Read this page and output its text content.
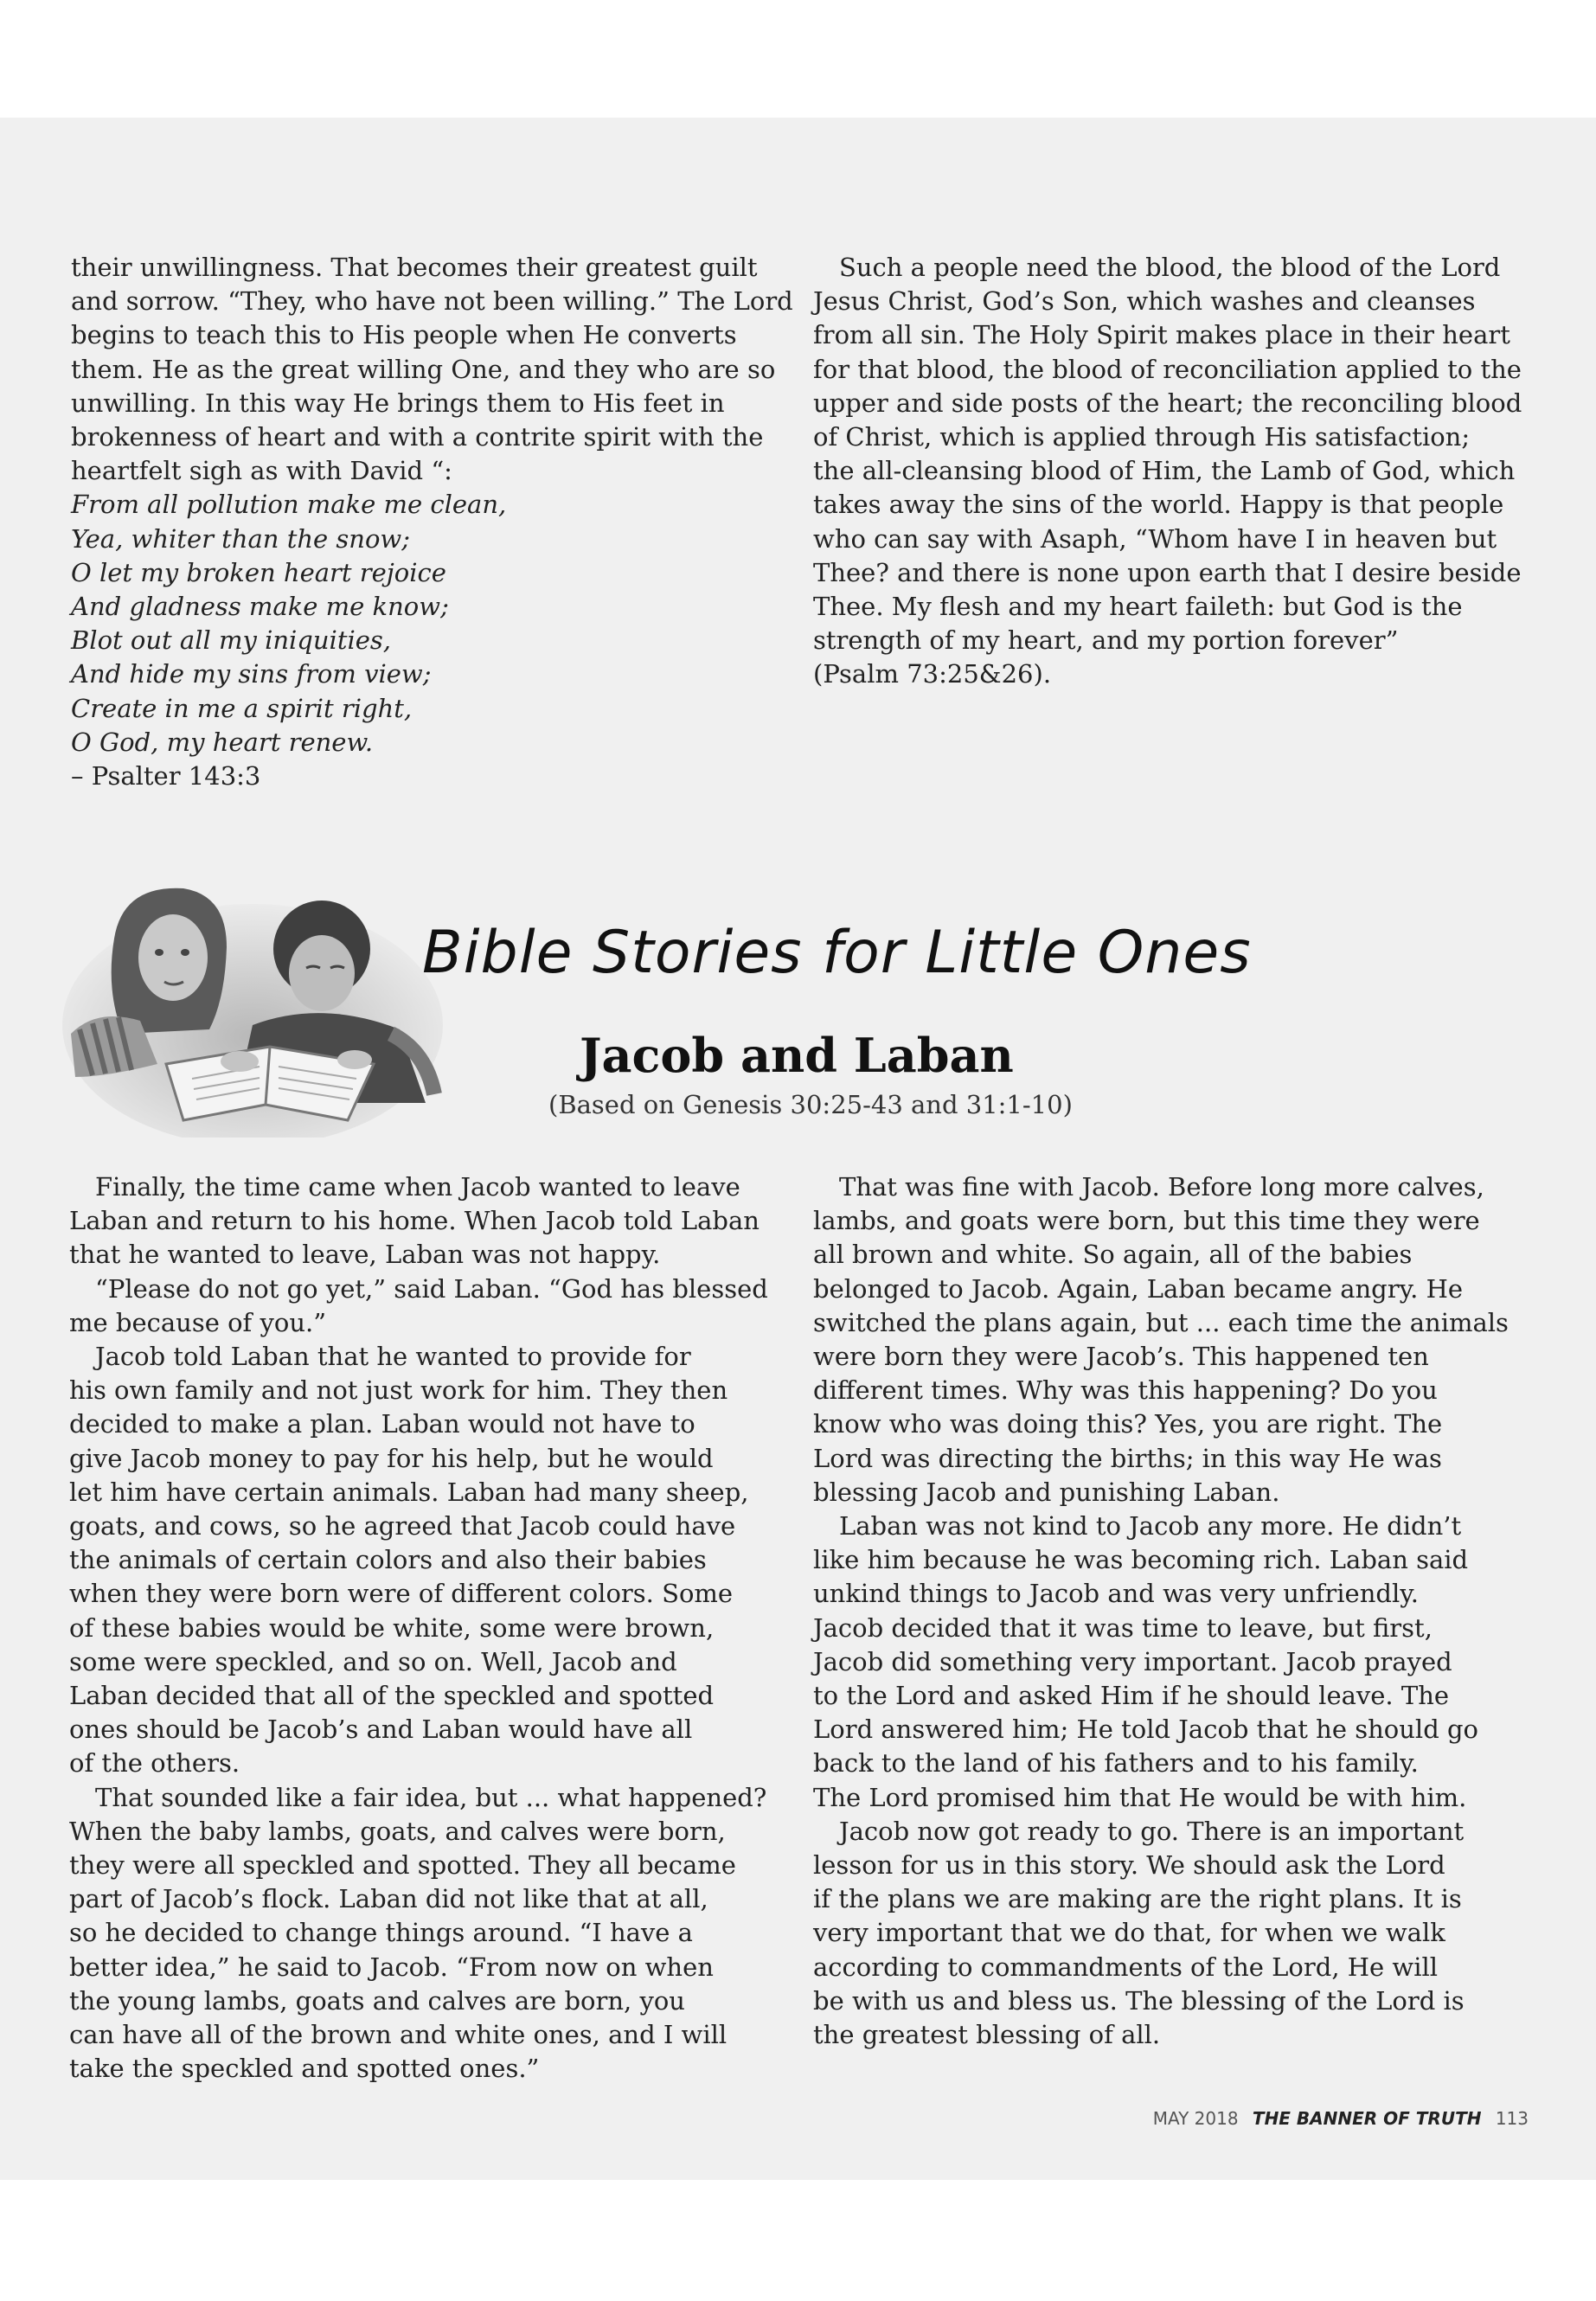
their unwillingness. That becomes their greatest guilt

and sorrow. “They, who have not been willing.” The Lord

begins to teach this to His people when He converts

them. He as the great willing One, and they who are so

unwilling. In this way He brings them to His feet in

brokenness of heart and with a contrite spirit with the

heartfelt sigh as with David “:

From all pollution make me clean,

Yea, whiter than the snow;

O let my broken heart rejoice

And gladness make me know;

Blot out all my iniquities,

And hide my sins from view;

Create in me a spirit right,

O God, my heart renew.

– Psalter 143:3

Such a people need the blood, the blood of the Lord

Jesus Christ, God’s Son, which washes and cleanses

from all sin. The Holy Spirit makes place in their heart

for that blood, the blood of reconciliation applied to the

upper and side posts of the heart; the reconciling blood

of Christ, which is applied through His satisfaction;

the all-cleansing blood of Him, the Lamb of God, which

takes away the sins of the world. Happy is that people

who can say with Asaph, “Whom have I in heaven but

Thee? and there is none upon earth that I desire beside

Thee. My flesh and my heart faileth: but God is the

strength of my heart, and my portion forever”

(Psalm 73:25&26).

Bible Stories for Little Ones
Jacob and Laban
(Based on Genesis 30:25-43 and 31:1-10)

Finally, the time came when Jacob wanted to leave

Laban and return to his home. When Jacob told Laban

that he wanted to leave, Laban was not happy.

“Please do not go yet,” said Laban. “God has blessed

me because of you.”

Jacob told Laban that he wanted to provide for

his own family and not just work for him. They then

decided to make a plan. Laban would not have to

give Jacob money to pay for his help, but he would

let him have certain animals. Laban had many sheep,

goats, and cows, so he agreed that Jacob could have

the animals of certain colors and also their babies

when they were born were of different colors. Some

of these babies would be white, some were brown,

some were speckled, and so on. Well, Jacob and

Laban decided that all of the speckled and spotted

ones should be Jacob’s and Laban would have all

of the others.

That sounded like a fair idea, but ... what happened?

When the baby lambs, goats, and calves were born,

they were all speckled and spotted. They all became

part of Jacob’s flock. Laban did not like that at all,

so he decided to change things around. “I have a

better idea,” he said to Jacob. “From now on when

the young lambs, goats and calves are born, you

can have all of the brown and white ones, and I will

take the speckled and spotted ones.”

That was fine with Jacob. Before long more calves,

lambs, and goats were born, but this time they were

all brown and white. So again, all of the babies

belonged to Jacob. Again, Laban became angry. He

switched the plans again, but ... each time the animals

were born they were Jacob’s. This happened ten

different times. Why was this happening? Do you

know who was doing this? Yes, you are right. The

Lord was directing the births; in this way He was

blessing Jacob and punishing Laban.

Laban was not kind to Jacob any more. He didn’t

like him because he was becoming rich. Laban said

unkind things to Jacob and was very unfriendly.

Jacob decided that it was time to leave, but first,

Jacob did something very important. Jacob prayed

to the Lord and asked Him if he should leave. The

Lord answered him; He told Jacob that he should go

back to the land of his fathers and to his family.

The Lord promised him that He would be with him.

Jacob now got ready to go. There is an important

lesson for us in this story. We should ask the Lord

if the plans we are making are the right plans. It is

very important that we do that, for when we walk

according to commandments of the Lord, He will

be with us and bless us. The blessing of the Lord is

the greatest blessing of all.

MAY 2018 THE BANNER OF TRUTH 113
